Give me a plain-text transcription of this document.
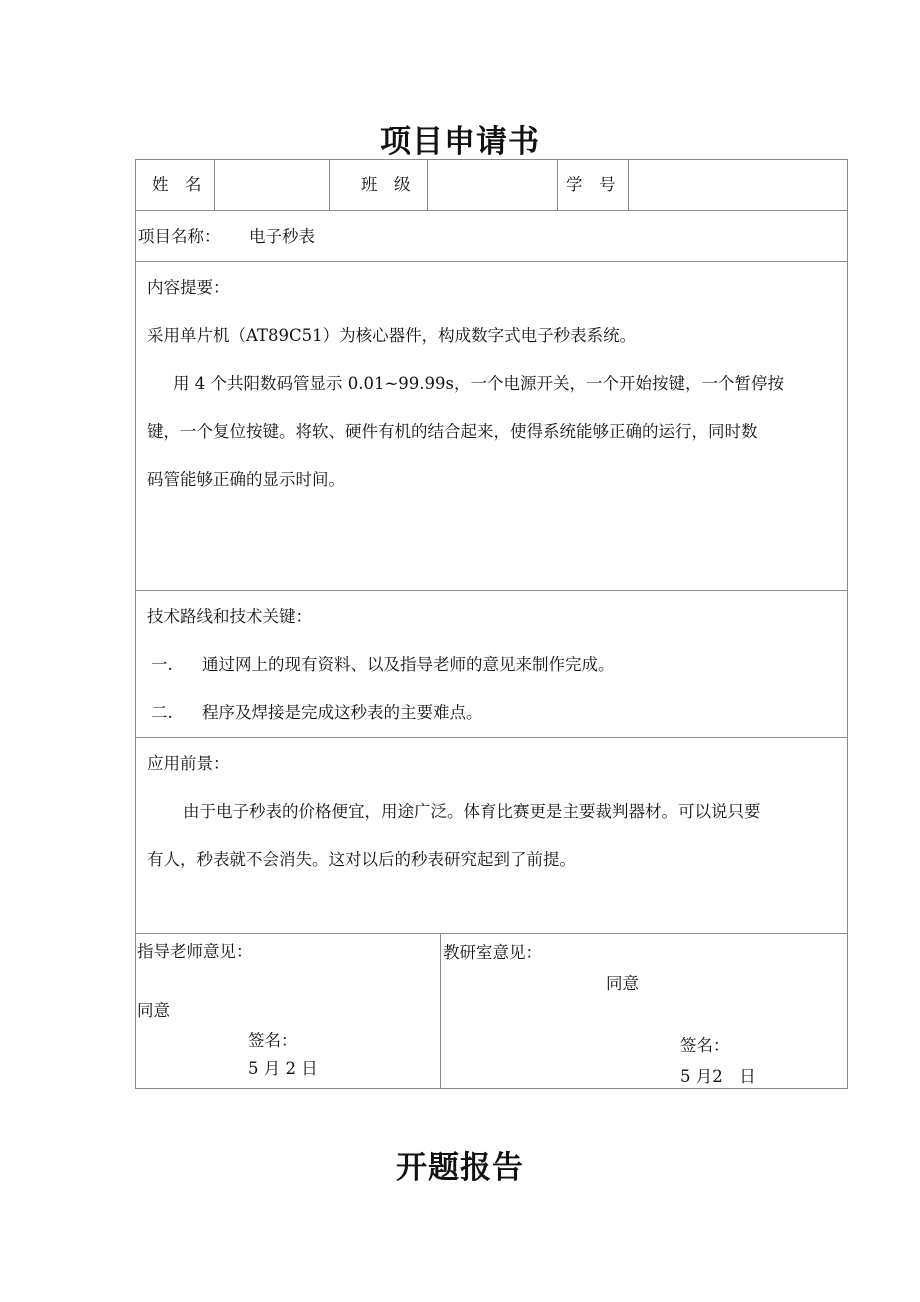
项目申请书
姓　名	班　级	学　号
项目名称： 电子秒表
内容提要：
采用单片机（AT89C51）为核心器件，构成数字式电子秒表系统。
用 4 个共阳数码管显示 0.01~99.99s，一个电源开关，一个开始按键，一个暂停按
键，一个复位按键。将软、硬件有机的结合起来，使得系统能够正确的运行，同时数
码管能够正确的显示时间。
技术路线和技术关键：
一. 通过网上的现有资料、以及指导老师的意见来制作完成。
二. 程序及焊接是完成这秒表的主要难点。
应用前景：
由于电子秒表的价格便宜，用途广泛。体育比赛更是主要裁判器材。可以说只要
有人，秒表就不会消失。这对以后的秒表研究起到了前提。
指导老师意见：
同意
签名：
5 月 2 日
教研室意见：
同意
签名：
5 月2　日
开题报告
